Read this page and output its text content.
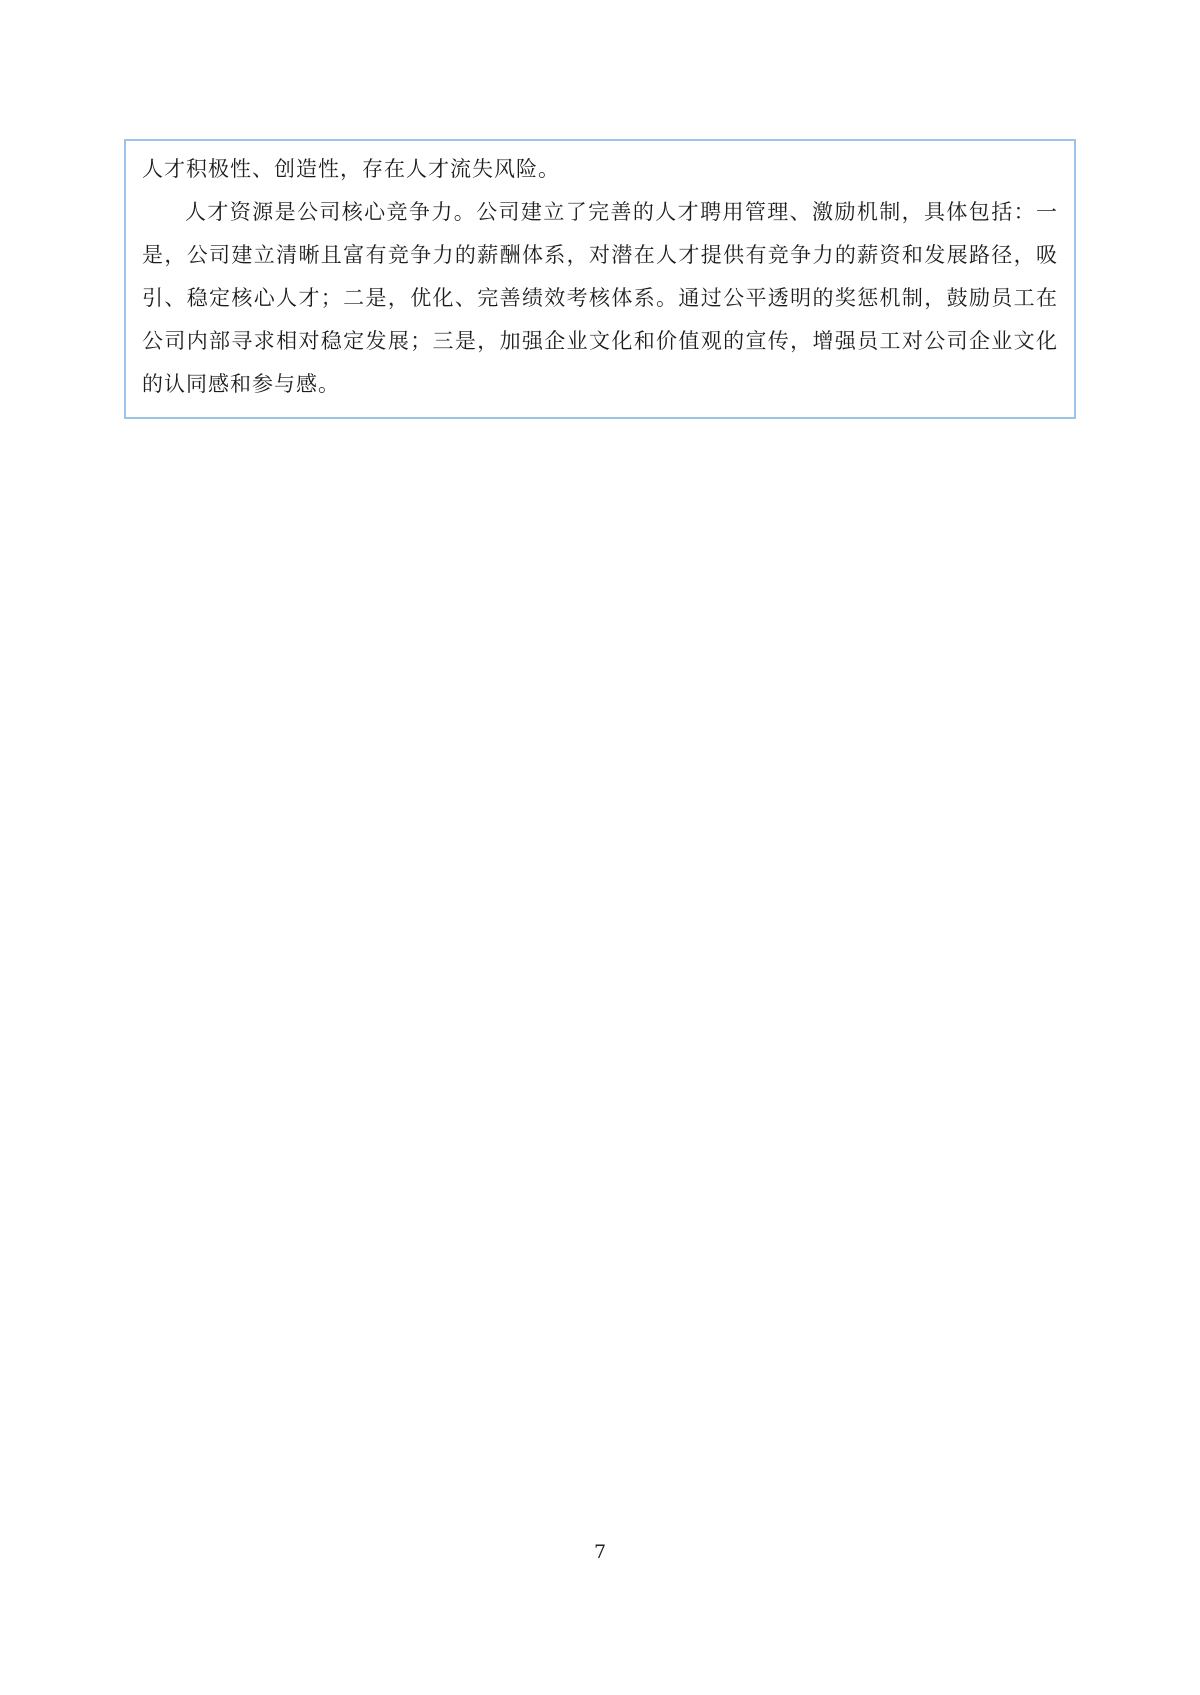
人才积极性、创造性，存在人才流失风险。

人才资源是公司核心竞争力。公司建立了完善的人才聘用管理、激励机制，具体包括：一是，公司建立清晰且富有竞争力的薪酬体系，对潜在人才提供有竞争力的薪资和发展路径，吸引、稳定核心人才；二是，优化、完善绩效考核体系。通过公平透明的奖惩机制，鼓励员工在公司内部寻求相对稳定发展；三是，加强企业文化和价值观的宣传，增强员工对公司企业文化的认同感和参与感。

7
